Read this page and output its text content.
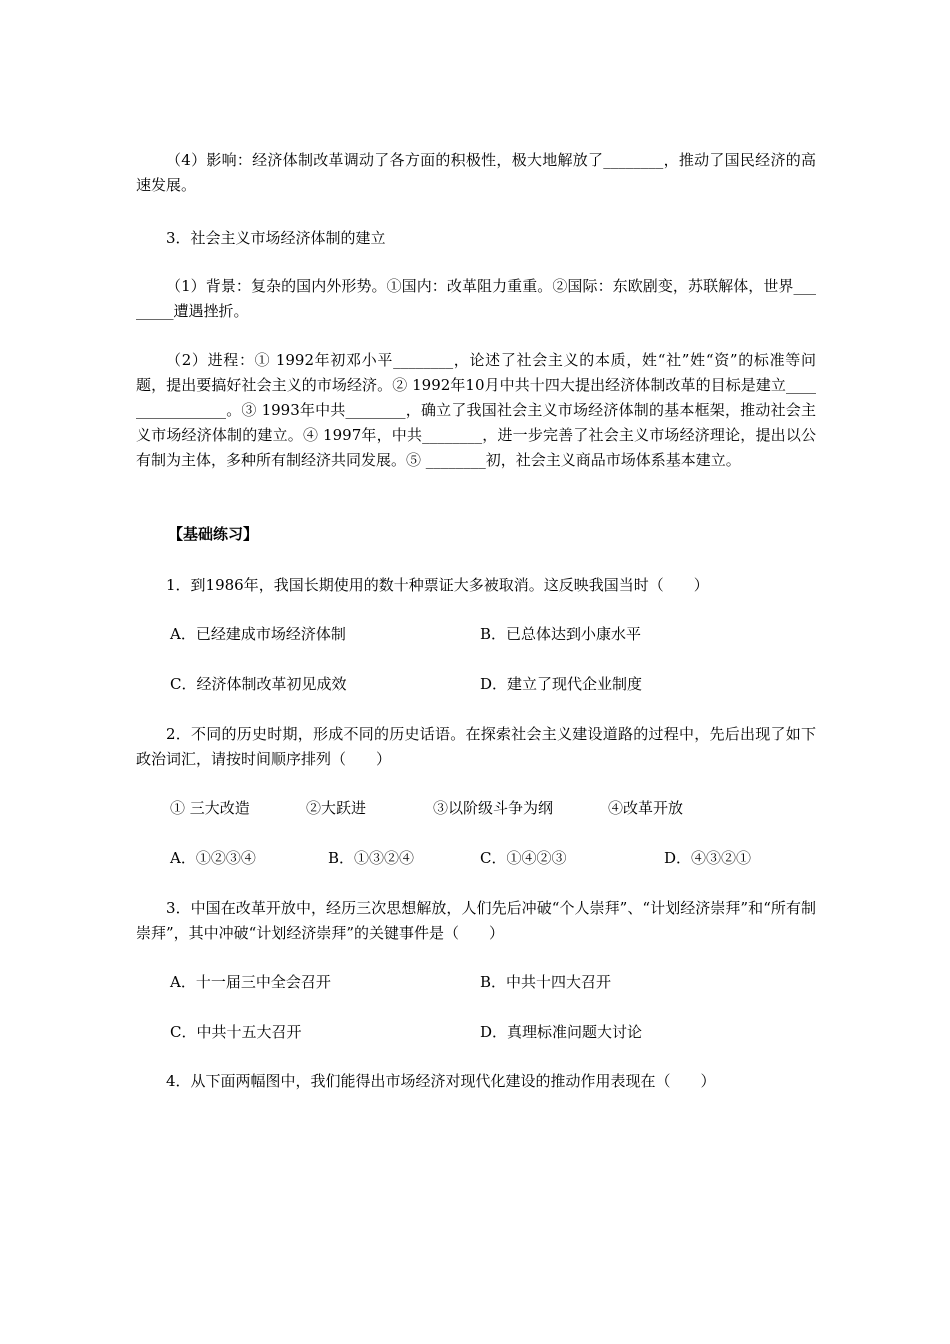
（4）影响：经济体制改革调动了各方面的积极性，极大地解放了________，推动了国民经济的高速发展。
3．社会主义市场经济体制的建立
（1）背景：复杂的国内外形势。①国内：改革阻力重重。②国际：东欧剧变，苏联解体，世界________遭遇挫折。
（2）进程：① 1992年初邓小平________，论述了社会主义的本质，姓“社”姓“资”的标准等问题，提出要搞好社会主义的市场经济。② 1992年10月中共十四大提出经济体制改革的目标是建立________________。③ 1993年中共________，确立了我国社会主义市场经济体制的基本框架，推动社会主义市场经济体制的建立。④ 1997年，中共________，进一步完善了社会主义市场经济理论，提出以公有制为主体，多种所有制经济共同发展。⑤ ________初，社会主义商品市场体系基本建立。
【基础练习】
1．到1986年，我国长期使用的数十种票证大多被取消。这反映我国当时（　　）
A．已经建成市场经济体制	B．已总体达到小康水平
C．经济体制改革初见成效	D．建立了现代企业制度
2．不同的历史时期，形成不同的历史话语。在探索社会主义建设道路的过程中，先后出现了如下政治词汇，请按时间顺序排列（　　）
① 三大改造	②大跃进	③以阶级斗争为纲	④改革开放
A．①②③④	B．①③②④	C．①④②③	D．④③②①
3．中国在改革开放中，经历三次思想解放，人们先后冲破“个人崇拜”、“计划经济崇拜”和“所有制崇拜”，其中冲破“计划经济崇拜”的关键事件是（　　）
A．十一届三中全会召开	B．中共十四大召开
C．中共十五大召开	D．真理标准问题大讨论
4．从下面两幅图中，我们能得出市场经济对现代化建设的推动作用表现在（　　）
